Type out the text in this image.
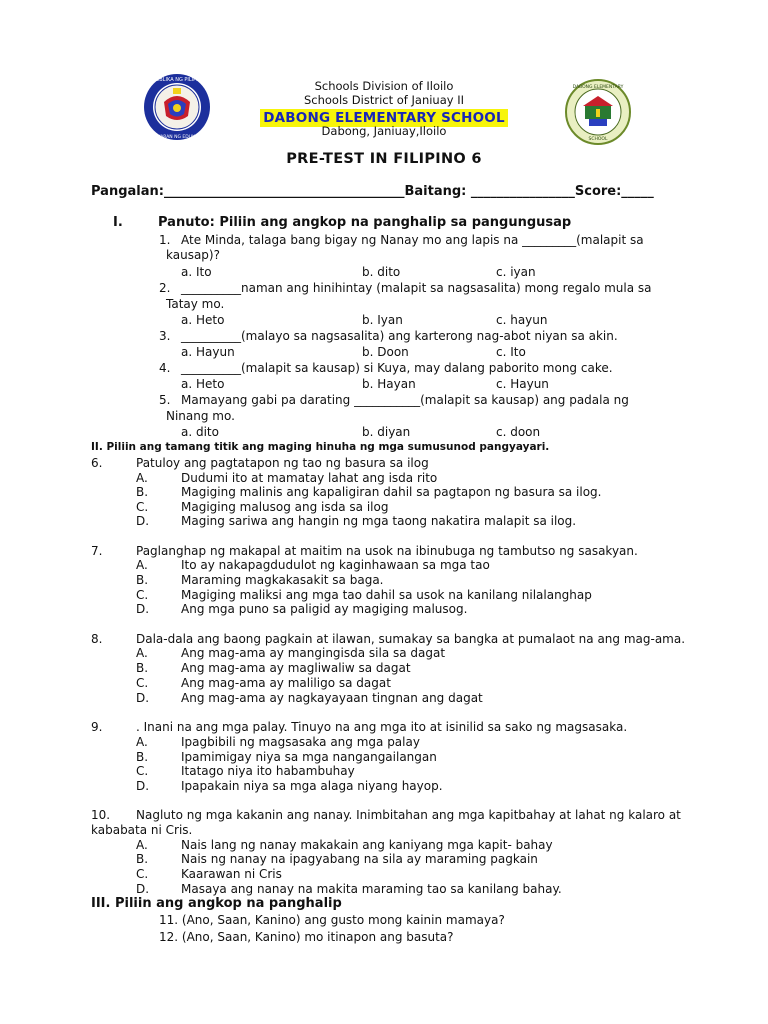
REPUBLIKA NG PILIPINAS
KAGAWARAN NG EDUKASYON
DABONG ELEMENTARY
SCHOOL
Schools Division of Iloilo
Schools District of Janiuay II
DABONG ELEMENTARY SCHOOL
Dabong, Janiuay,Iloilo
PRE-TEST IN FILIPINO 6
Pangalan:_____________________________________Baitang: ________________Score:_____
I.	Panuto: Piliin ang angkop na panghalip sa pangungusap
1. Ate Minda, talaga bang bigay ng Nanay mo ang lapis na _________(malapit sa
kausap)?
a. Ito	b. dito	c. iyan
2. __________naman ang hinihintay (malapit sa nagsasalita) mong regalo mula sa
Tatay mo.
a. Heto	b. Iyan	c. hayun
3. __________(malayo sa nagsasalita) ang karterong nag-abot niyan sa akin.
a. Hayun	b. Doon	c. Ito
4. __________(malapit sa kausap) si Kuya, may dalang paborito mong cake.
a. Heto	b. Hayan	c. Hayun
5. Mamayang gabi pa darating ___________(malapit sa kausap) ang padala ng
Ninang mo.
a. dito	b. diyan	c. doon
II. Piliin ang tamang titik ang maging hinuha ng mga sumusunod pangyayari.
6.	Patuloy ang pagtatapon ng tao ng basura sa ilog
A.	Dudumi ito at mamatay lahat ang isda rito
B.	Magiging malinis ang kapaligiran dahil sa pagtapon ng basura sa ilog.
C.	Magiging malusog ang isda sa ilog
D.	Maging sariwa ang hangin ng mga taong nakatira malapit sa ilog.
7.	Paglanghap ng makapal at maitim na usok na ibinubuga ng tambutso ng sasakyan.
A.	Ito ay nakapagdudulot ng kaginhawaan sa mga tao
B.	Maraming magkakasakit sa baga.
C.	Magiging maliksi ang mga tao dahil sa usok na kanilang nilalanghap
D.	Ang mga puno sa paligid ay magiging malusog.
8.	Dala-dala ang baong pagkain at ilawan, sumakay sa bangka at pumalaot na ang mag-ama.
A.	Ang mag-ama ay mangingisda sila sa dagat
B.	Ang mag-ama ay magliwaliw sa dagat
C.	Ang mag-ama ay maliligo sa dagat
D.	Ang mag-ama ay nagkayayaan tingnan ang dagat
9.	. Inani na ang mga palay. Tinuyo na ang mga ito at isinilid sa sako ng magsasaka.
A.	Ipagbibili ng magsasaka ang mga palay
B.	Ipamimigay niya sa mga nangangailangan
C.	Itatago niya ito habambuhay
D.	Ipapakain niya sa mga alaga niyang hayop.
10. Nagluto ng mga kakanin ang nanay. Inimbitahan ang mga kapitbahay at lahat ng kalaro at
kababata ni Cris.
A.	Nais lang ng nanay makakain ang kaniyang mga kapit- bahay
B.	Nais ng nanay na ipagyabang na sila ay maraming pagkain
C.	Kaarawan ni Cris
D.	Masaya ang nanay na makita maraming tao sa kanilang bahay.
III. Piliin ang angkop na panghalip
11. (Ano, Saan, Kanino) ang gusto mong kainin mamaya?
12. (Ano, Saan, Kanino) mo itinapon ang basuta?
